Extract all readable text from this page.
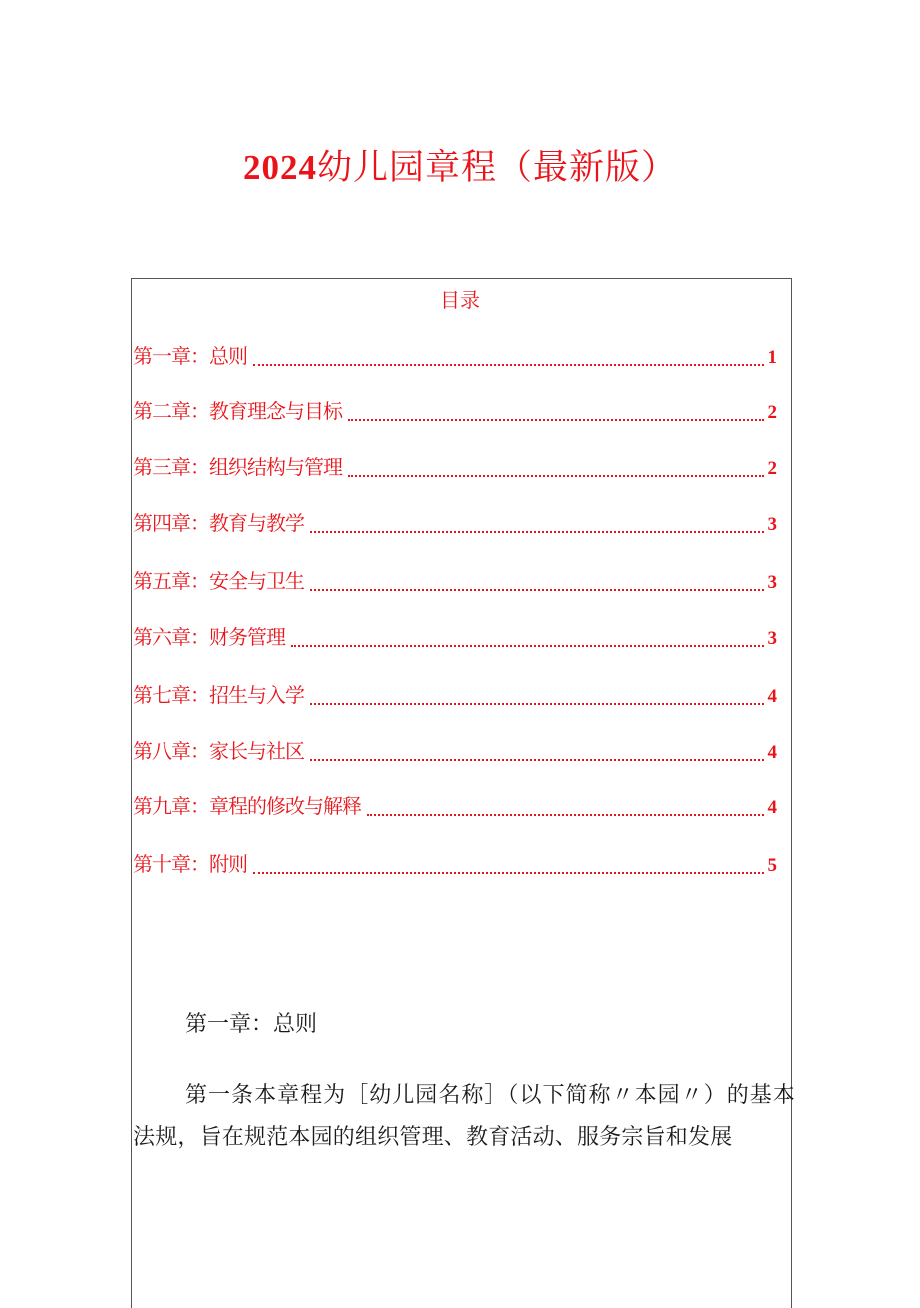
2024幼儿园章程（最新版）
目录
第一章：总则	1
第二章：教育理念与目标	2
第三章：组织结构与管理	2
第四章：教育与教学	3
第五章：安全与卫生	3
第六章：财务管理	3
第七章：招生与入学	4
第八章：家长与社区	4
第九章：章程的修改与解释	4
第十章：附则	5
第一章：总则

第一条本章程为［幼儿园名称］（以下简称〃本园〃）的基本法规，旨在规范本园的组织管理、教育活动、服务宗旨和发展
